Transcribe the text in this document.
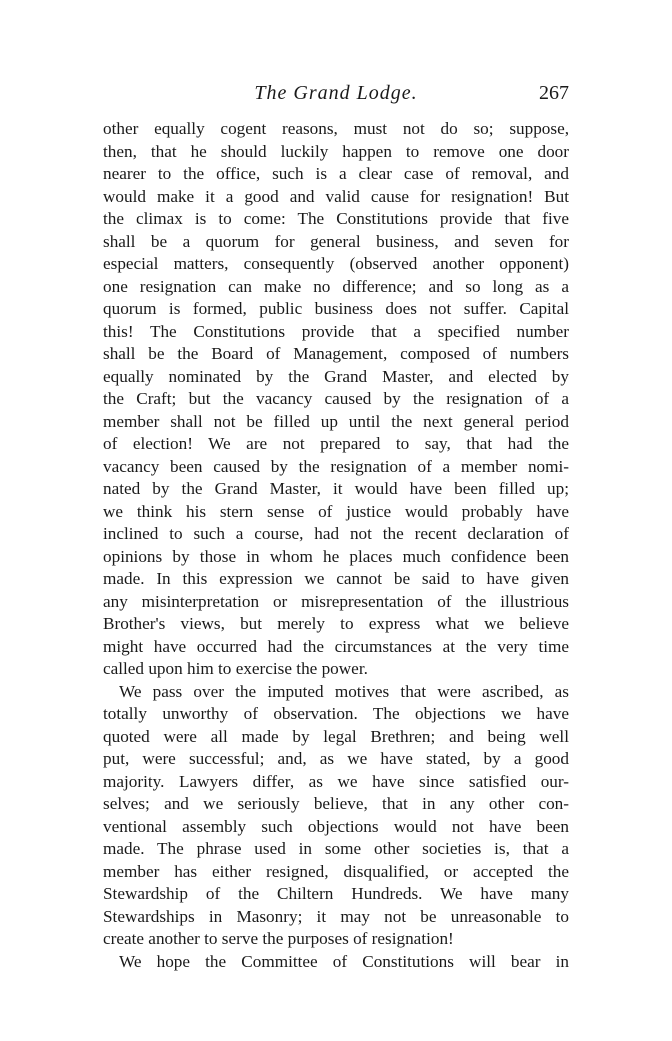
The Grand Lodge.	267
other equally cogent reasons, must not do so; suppose,
then, that he should luckily happen to remove one door
nearer to the office, such is a clear case of removal, and
would make it a good and valid cause for resignation! But
the climax is to come: The Constitutions provide that five
shall be a quorum for general business, and seven for
especial matters, consequently (observed another opponent)
one resignation can make no difference; and so long as a
quorum is formed, public business does not suffer. Capital
this! The Constitutions provide that a specified number
shall be the Board of Management, composed of numbers
equally nominated by the Grand Master, and elected by
the Craft; but the vacancy caused by the resignation of a
member shall not be filled up until the next general period
of election! We are not prepared to say, that had the
vacancy been caused by the resignation of a member nomi-
nated by the Grand Master, it would have been filled up;
we think his stern sense of justice would probably have
inclined to such a course, had not the recent declaration of
opinions by those in whom he places much confidence been
made. In this expression we cannot be said to have given
any misinterpretation or misrepresentation of the illustrious
Brother's views, but merely to express what we believe
might have occurred had the circumstances at the very time
called upon him to exercise the power.
We pass over the imputed motives that were ascribed, as
totally unworthy of observation. The objections we have
quoted were all made by legal Brethren; and being well
put, were successful; and, as we have stated, by a good
majority. Lawyers differ, as we have since satisfied our-
selves; and we seriously believe, that in any other con-
ventional assembly such objections would not have been
made. The phrase used in some other societies is, that a
member has either resigned, disqualified, or accepted the
Stewardship of the Chiltern Hundreds. We have many
Stewardships in Masonry; it may not be unreasonable to
create another to serve the purposes of resignation!
We hope the Committee of Constitutions will bear in
